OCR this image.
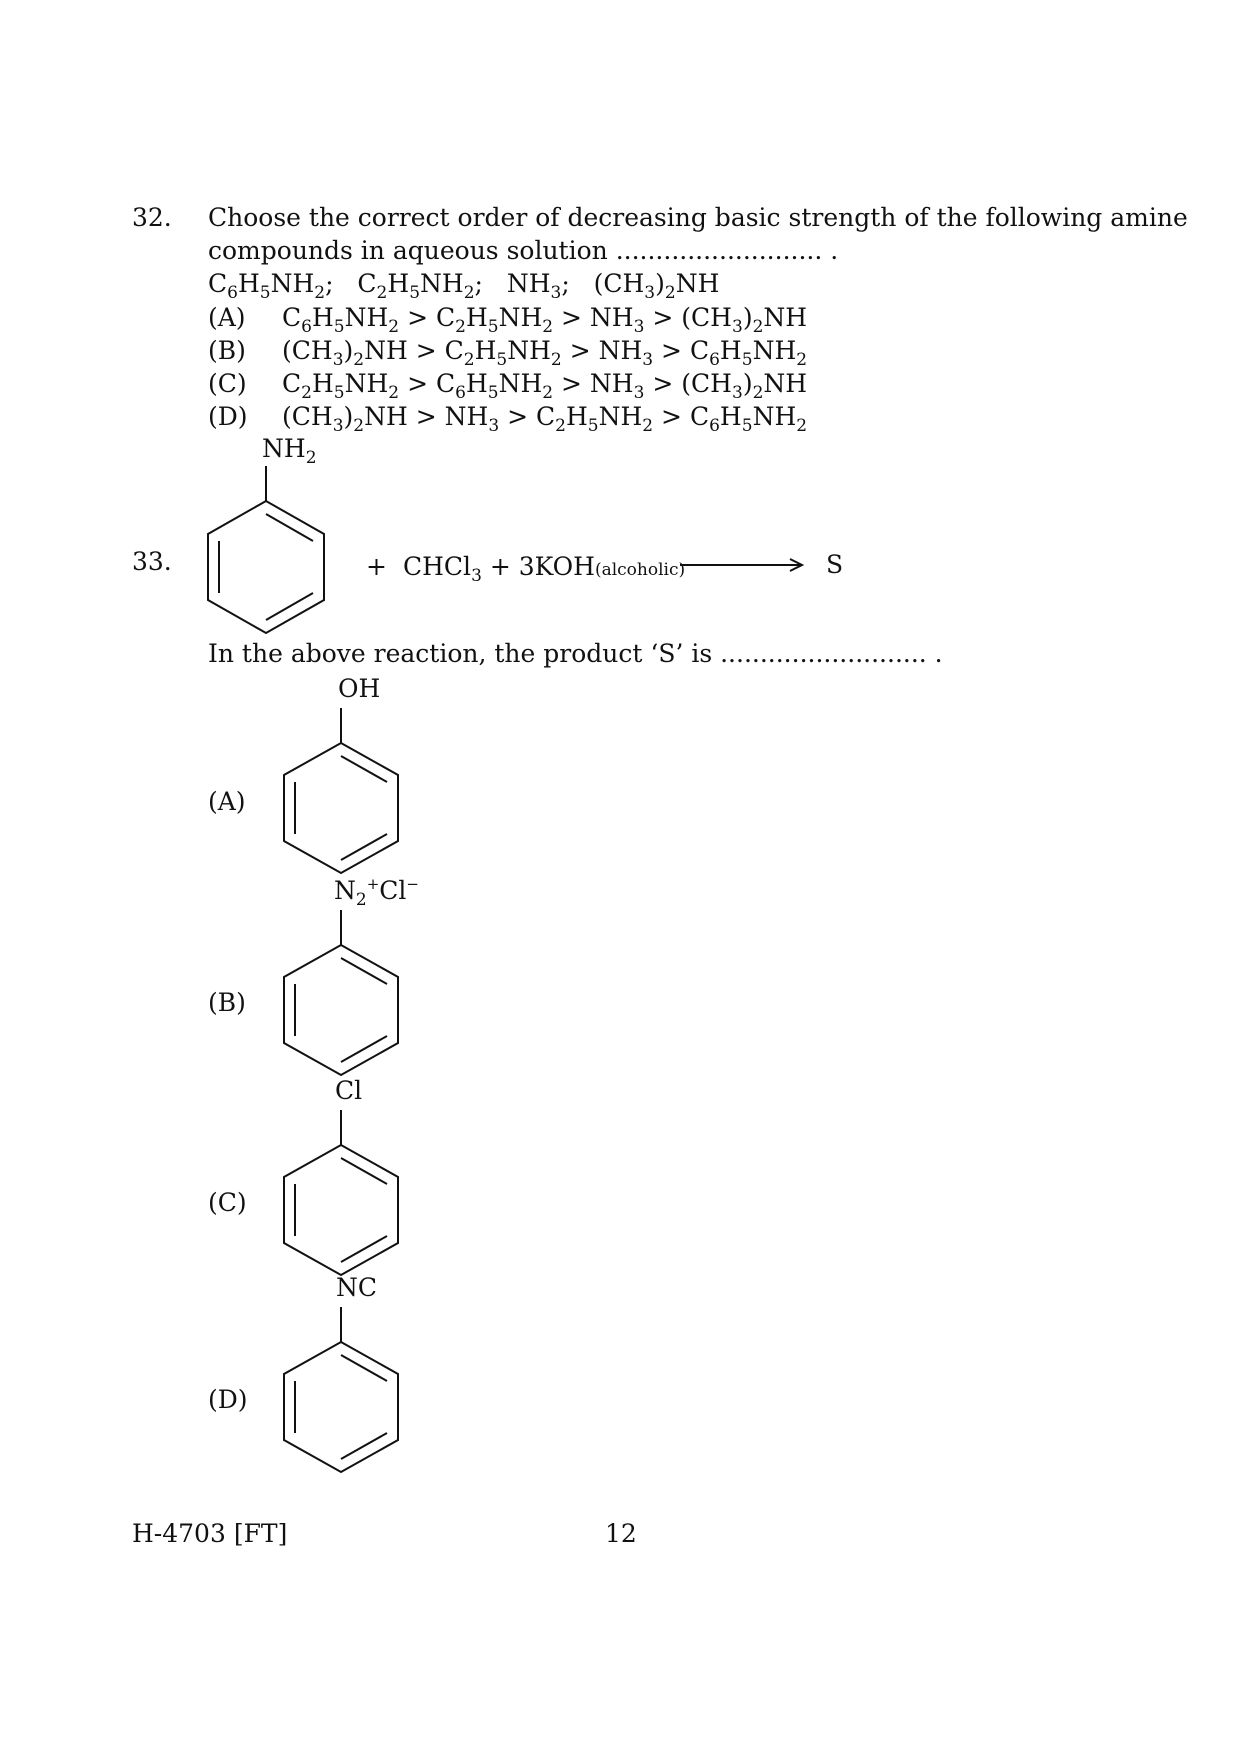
32. Choose the correct order of decreasing basic strength of the following amine
compounds in aqueous solution .......................... .
$C_6H_5NH_2$; $C_2H_5NH_2$; $NH_3$; $(CH_3)_2NH$
(A) $C_6H_5NH_2 > C_2H_5NH_2 > NH_3 > (CH_3)_2NH$
(B) $(CH_3)_2NH > C_2H_5NH_2 > NH_3 > C_6H_5NH_2$
(C) $C_2H_5NH_2 > C_6H_5NH_2 > NH_3 > (CH_3)_2NH$
(D) $(CH_3)_2NH > NH_3 > C_2H_5NH_2 > C_6H_5NH_2$
$NH_2$
33.	+ CHCl$_3$ + 3KOH(alcoholic)	S
In the above reaction, the product ‘S’ is .......................... .
OH
(A)
$N_2^+Cl^-$
(B)
Cl
(C)
NC
(D)
H-4703 [FT]	12
